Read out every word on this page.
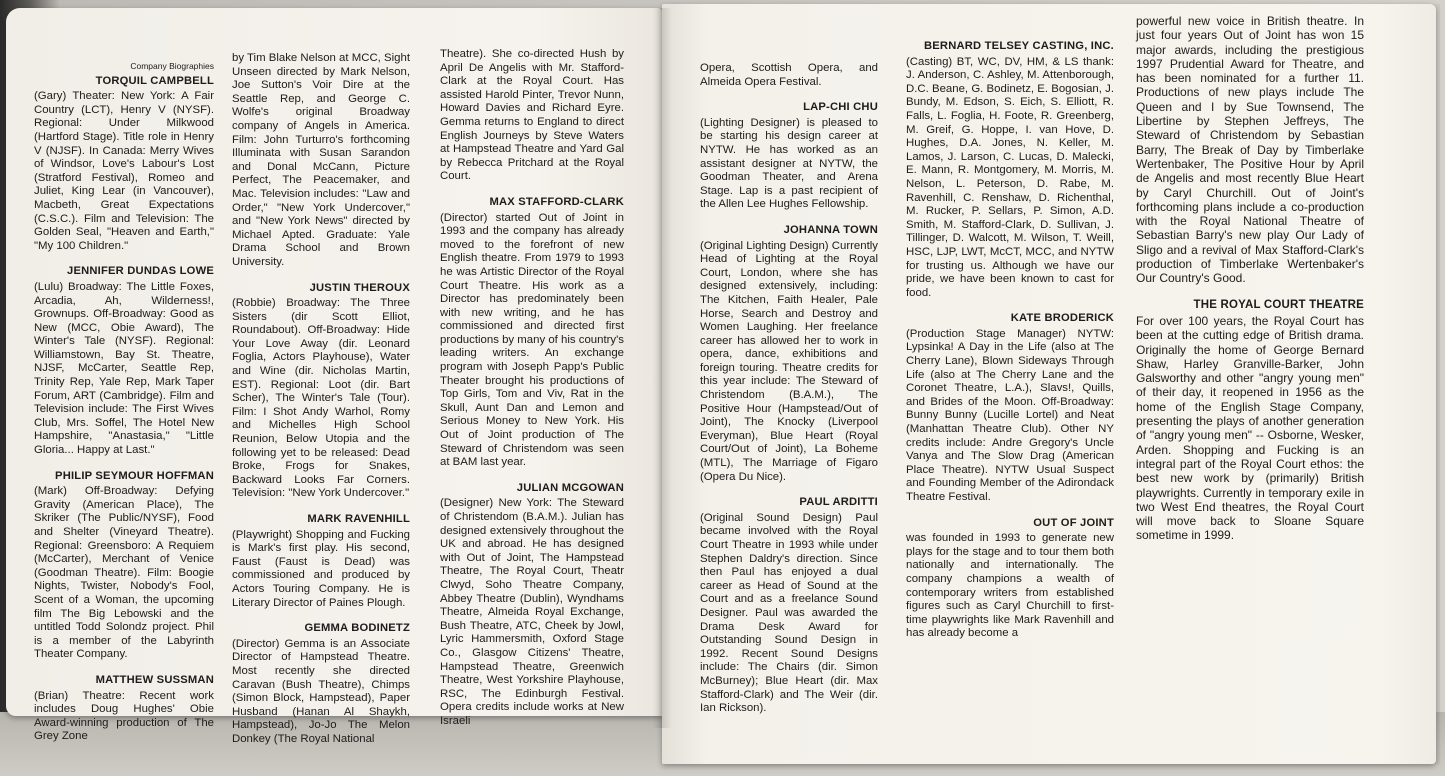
Company Biographies
TORQUIL CAMPBELL

(Gary) Theater: New York: A Fair Country (LCT), Henry V (NYSF). Regional: Under Milkwood (Hartford Stage). Title role in Henry V (NJSF). In Canada: Merry Wives of Windsor, Love's Labour's Lost (Stratford Festival), Romeo and Juliet, King Lear (in Vancouver), Macbeth, Great Expectations (C.S.C.). Film and Television: The Golden Seal, "Heaven and Earth," "My 100 Children."

JENNIFER DUNDAS LOWE

(Lulu) Broadway: The Little Foxes, Arcadia, Ah, Wilderness!, Grownups. Off-Broadway: Good as New (MCC, Obie Award), The Winter's Tale (NYSF). Regional: Williamstown, Bay St. Theatre, NJSF, McCarter, Seattle Rep, Trinity Rep, Yale Rep, Mark Taper Forum, ART (Cambridge). Film and Television include: The First Wives Club, Mrs. Soffel, The Hotel New Hampshire, "Anastasia," "Little Gloria... Happy at Last."

PHILIP SEYMOUR HOFFMAN

(Mark) Off-Broadway: Defying Gravity (American Place), The Skriker (The Public/NYSF), Food and Shelter (Vineyard Theatre). Regional: Greensboro: A Requiem (McCarter), Merchant of Venice (Goodman Theatre). Film: Boogie Nights, Twister, Nobody's Fool, Scent of a Woman, the upcoming film The Big Lebowski and the untitled Todd Solondz project. Phil is a member of the Labyrinth Theater Company.

MATTHEW SUSSMAN

(Brian) Theatre: Recent work includes Doug Hughes' Obie Award-winning production of The Grey Zone

by Tim Blake Nelson at MCC, Sight Unseen directed by Mark Nelson, Joe Sutton's Voir Dire at the Seattle Rep, and George C. Wolfe's original Broadway company of Angels in America. Film: John Turturro's forthcoming Illuminata with Susan Sarandon and Donal McCann, Picture Perfect, The Peacemaker, and Mac. Television includes: "Law and Order," "New York Undercover," and "New York News" directed by Michael Apted. Graduate: Yale Drama School and Brown University.

JUSTIN THEROUX

(Robbie) Broadway: The Three Sisters (dir Scott Elliot, Roundabout). Off-Broadway: Hide Your Love Away (dir. Leonard Foglia, Actors Playhouse), Water and Wine (dir. Nicholas Martin, EST). Regional: Loot (dir. Bart Scher), The Winter's Tale (Tour). Film: I Shot Andy Warhol, Romy and Michelles High School Reunion, Below Utopia and the following yet to be released: Dead Broke, Frogs for Snakes, Backward Looks Far Corners. Television: "New York Undercover."

MARK RAVENHILL

(Playwright) Shopping and Fucking is Mark's first play. His second, Faust (Faust is Dead) was commissioned and produced by Actors Touring Company. He is Literary Director of Paines Plough.

GEMMA BODINETZ

(Director) Gemma is an Associate Director of Hampstead Theatre. Most recently she directed Caravan (Bush Theatre), Chimps (Simon Block, Hampstead), Paper Husband (Hanan Al Shaykh, Hampstead), Jo-Jo The Melon Donkey (The Royal National

Theatre). She co-directed Hush by April De Angelis with Mr. Stafford-Clark at the Royal Court. Has assisted Harold Pinter, Trevor Nunn, Howard Davies and Richard Eyre. Gemma returns to England to direct English Journeys by Steve Waters at Hampstead Theatre and Yard Gal by Rebecca Pritchard at the Royal Court.

MAX STAFFORD-CLARK

(Director) started Out of Joint in 1993 and the company has already moved to the forefront of new English theatre. From 1979 to 1993 he was Artistic Director of the Royal Court Theatre. His work as a Director has predominately been with new writing, and he has commissioned and directed first productions by many of his country's leading writers. An exchange program with Joseph Papp's Public Theater brought his productions of Top Girls, Tom and Viv, Rat in the Skull, Aunt Dan and Lemon and Serious Money to New York. His Out of Joint production of The Steward of Christendom was seen at BAM last year.

JULIAN MCGOWAN

(Designer) New York: The Steward of Christendom (B.A.M.). Julian has designed extensively throughout the UK and abroad. He has designed with Out of Joint, The Hampstead Theatre, The Royal Court, Theatr Clwyd, Soho Theatre Company, Abbey Theatre (Dublin), Wyndhams Theatre, Almeida Royal Exchange, Bush Theatre, ATC, Cheek by Jowl, Lyric Hammersmith, Oxford Stage Co., Glasgow Citizens' Theatre, Hampstead Theatre, Greenwich Theatre, West Yorkshire Playhouse, RSC, The Edinburgh Festival. Opera credits include works at New Israeli

Opera, Scottish Opera, and Almeida Opera Festival.

LAP-CHI CHU

(Lighting Designer) is pleased to be starting his design career at NYTW. He has worked as an assistant designer at NYTW, the Goodman Theater, and Arena Stage. Lap is a past recipient of the Allen Lee Hughes Fellowship.

JOHANNA TOWN

(Original Lighting Design) Currently Head of Lighting at the Royal Court, London, where she has designed extensively, including: The Kitchen, Faith Healer, Pale Horse, Search and Destroy and Women Laughing. Her freelance career has allowed her to work in opera, dance, exhibitions and foreign touring. Theatre credits for this year include: The Steward of Christendom (B.A.M.), The Positive Hour (Hampstead/Out of Joint), The Knocky (Liverpool Everyman), Blue Heart (Royal Court/Out of Joint), La Boheme (MTL), The Marriage of Figaro (Opera Du Nice).

PAUL ARDITTI

(Original Sound Design) Paul became involved with the Royal Court Theatre in 1993 while under Stephen Daldry's direction. Since then Paul has enjoyed a dual career as Head of Sound at the Court and as a freelance Sound Designer. Paul was awarded the Drama Desk Award for Outstanding Sound Design in 1992. Recent Sound Designs include: The Chairs (dir. Simon McBurney); Blue Heart (dir. Max Stafford-Clark) and The Weir (dir. Ian Rickson).

BERNARD TELSEY CASTING, INC.

(Casting) BT, WC, DV, HM, & LS thank: J. Anderson, C. Ashley, M. Attenborough, D.C. Beane, G. Bodinetz, E. Bogosian, J. Bundy, M. Edson, S. Eich, S. Elliott, R. Falls, L. Foglia, H. Foote, R. Greenberg, M. Greif, G. Hoppe, I. van Hove, D. Hughes, D.A. Jones, N. Keller, M. Lamos, J. Larson, C. Lucas, D. Malecki, E. Mann, R. Montgomery, M. Morris, M. Nelson, L. Peterson, D. Rabe, M. Ravenhill, C. Renshaw, D. Richenthal, M. Rucker, P. Sellars, P. Simon, A.D. Smith, M. Stafford-Clark, D. Sullivan, J. Tillinger, D. Walcott, M. Wilson, T. Weill, HSC, LJP, LWT, McCT, MCC, and NYTW for trusting us. Although we have our pride, we have been known to cast for food.

KATE BRODERICK

(Production Stage Manager) NYTW: Lypsinka! A Day in the Life (also at The Cherry Lane), Blown Sideways Through Life (also at The Cherry Lane and the Coronet Theatre, L.A.), Slavs!, Quills, and Brides of the Moon. Off-Broadway: Bunny Bunny (Lucille Lortel) and Neat (Manhattan Theatre Club). Other NY credits include: Andre Gregory's Uncle Vanya and The Slow Drag (American Place Theatre). NYTW Usual Suspect and Founding Member of the Adirondack Theatre Festival.

OUT OF JOINT

was founded in 1993 to generate new plays for the stage and to tour them both nationally and internationally. The company champions a wealth of contemporary writers from established figures such as Caryl Churchill to first-time playwrights like Mark Ravenhill and has already become a

powerful new voice in British theatre. In just four years Out of Joint has won 15 major awards, including the prestigious 1997 Prudential Award for Theatre, and has been nominated for a further 11. Productions of new plays include The Queen and I by Sue Townsend, The Libertine by Stephen Jeffreys, The Steward of Christendom by Sebastian Barry, The Break of Day by Timberlake Wertenbaker, The Positive Hour by April de Angelis and most recently Blue Heart by Caryl Churchill. Out of Joint's forthcoming plans include a co-production with the Royal National Theatre of Sebastian Barry's new play Our Lady of Sligo and a revival of Max Stafford-Clark's production of Timberlake Wertenbaker's Our Country's Good.

THE ROYAL COURT THEATRE

For over 100 years, the Royal Court has been at the cutting edge of British drama. Originally the home of George Bernard Shaw, Harley Granville-Barker, John Galsworthy and other "angry young men" of their day, it reopened in 1956 as the home of the English Stage Company, presenting the plays of another generation of "angry young men" -- Osborne, Wesker, Arden. Shopping and Fucking is an integral part of the Royal Court ethos: the best new work by (primarily) British playwrights. Currently in temporary exile in two West End theatres, the Royal Court will move back to Sloane Square sometime in 1999.
